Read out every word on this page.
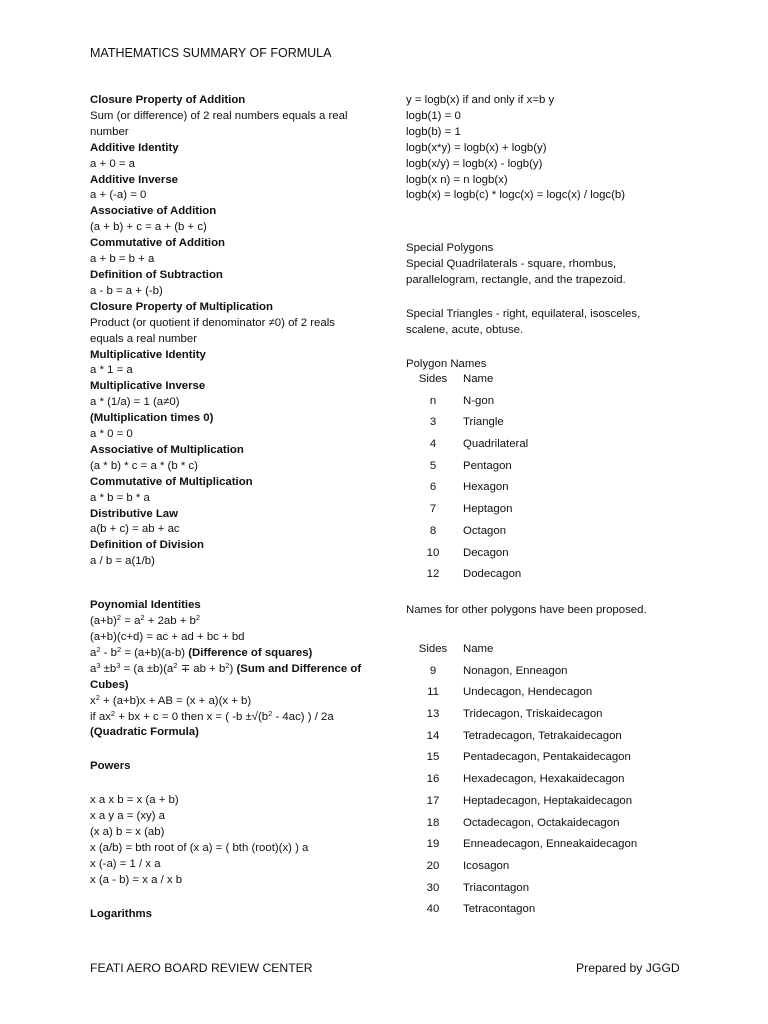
MATHEMATICS SUMMARY OF FORMULA
Closure Property of Addition
Sum (or difference) of 2 real numbers equals a real
number
Additive Identity
a + 0 = a
Additive Inverse
a + (-a) = 0
Associative of Addition
(a + b) + c = a + (b + c)
Commutative of Addition
a + b = b + a
Definition of Subtraction
a - b = a + (-b)
Closure Property of Multiplication
Product (or quotient if denominator ≠0) of 2 reals
equals a real number
Multiplicative Identity
a * 1 = a
Multiplicative Inverse
a * (1/a) = 1 (a≠0)
(Multiplication times 0)
a * 0 = 0
Associative of Multiplication
(a * b) * c = a * (b * c)
Commutative of Multiplication
a * b = b * a
Distributive Law
a(b + c) = ab + ac
Definition of Division
a / b = a(1/b)
Poynomial Identities
$(a+b)^2 = a^2 + 2ab + b^2$
(a+b)(c+d) = ac + ad + bc + bd
$a^2 - b^2 = (a+b)(a-b)$ (Difference of squares)
$a^3 \pm b^3 = (a \pm b)(a^2$ ∓ ab + $b^2$) (Sum and Difference of
Cubes)
$x^2 + (a+b)x$ + AB = (x + a)(x + b)
if $ax^2$ + bx + c = 0 then x = ( $-b \pm√(b^2 - 4ac)$ ) / 2a
(Quadratic Formula)
Powers
x a x b = x (a + b)
x a y a = (xy) a
(x a) b = x (ab)
x (a/b) = bth root of (x a) = ( bth (root)(x) ) a
x (-a) = 1 / x a
x (a - b) = x a / x b
Logarithms
y = logb(x) if and only if x=b y
logb(1) = 0
logb(b) = 1
logb(x*y) = logb(x) + logb(y)
logb(x/y) = logb(x) - logb(y)
logb(x n) = n logb(x)
logb(x) = logb(c) * logc(x) = logc(x) / logc(b)
Special Polygons
Special Quadrilaterals - square, rhombus,
parallelogram, rectangle, and the trapezoid.
Special Triangles - right, equilateral, isosceles,
scalene, acute, obtuse.
Polygon Names
Sides	Name
n	N-gon
3	Triangle
4	Quadrilateral
5	Pentagon
6	Hexagon
7	Heptagon
8	Octagon
10	Decagon
12	Dodecagon
Names for other polygons have been proposed.
Sides	Name
9	Nonagon, Enneagon
11	Undecagon, Hendecagon
13	Tridecagon, Triskaidecagon
14	Tetradecagon, Tetrakaidecagon
15	Pentadecagon, Pentakaidecagon
16	Hexadecagon, Hexakaidecagon
17	Heptadecagon, Heptakaidecagon
18	Octadecagon, Octakaidecagon
19	Enneadecagon, Enneakaidecagon
20	Icosagon
30	Triacontagon
40	Tetracontagon
FEATI AERO BOARD REVIEW CENTER	Prepared by JGGD
